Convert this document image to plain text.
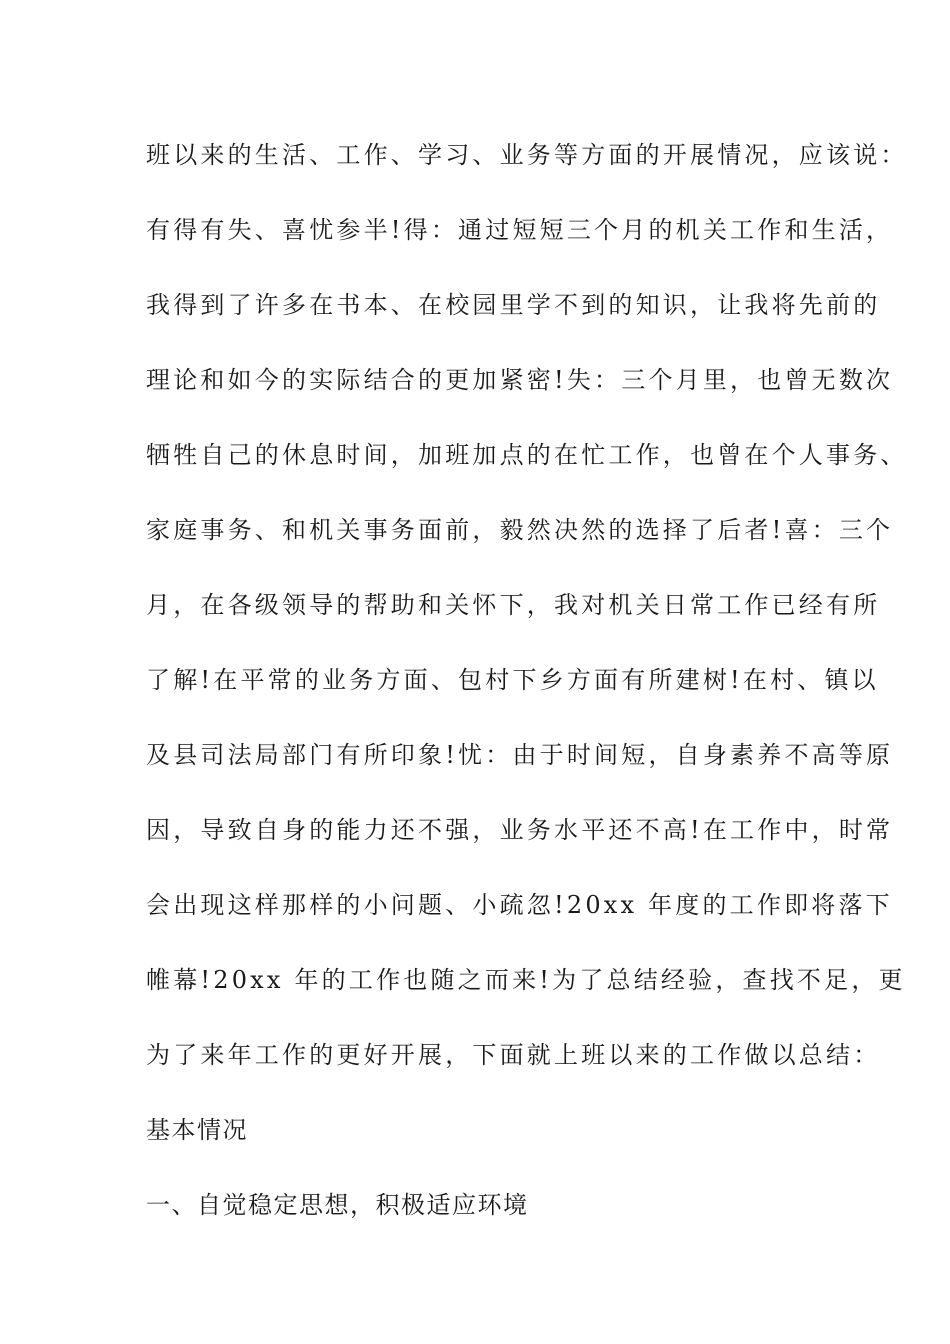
班以来的生活、工作、学习、业务等方面的开展情况，应该说：
有得有失、喜忧参半!得：通过短短三个月的机关工作和生活，
我得到了许多在书本、在校园里学不到的知识，让我将先前的
理论和如今的实际结合的更加紧密!失：三个月里，也曾无数次
牺牲自己的休息时间，加班加点的在忙工作，也曾在个人事务、
家庭事务、和机关事务面前，毅然决然的选择了后者!喜：三个
月，在各级领导的帮助和关怀下，我对机关日常工作已经有所
了解!在平常的业务方面、包村下乡方面有所建树!在村、镇以
及县司法局部门有所印象!忧：由于时间短，自身素养不高等原
因，导致自身的能力还不强，业务水平还不高!在工作中，时常
会出现这样那样的小问题、小疏忽!20xx 年度的工作即将落下
帷幕!20xx 年的工作也随之而来!为了总结经验，查找不足，更
为了来年工作的更好开展，下面就上班以来的工作做以总结：
基本情况
一、自觉稳定思想，积极适应环境
